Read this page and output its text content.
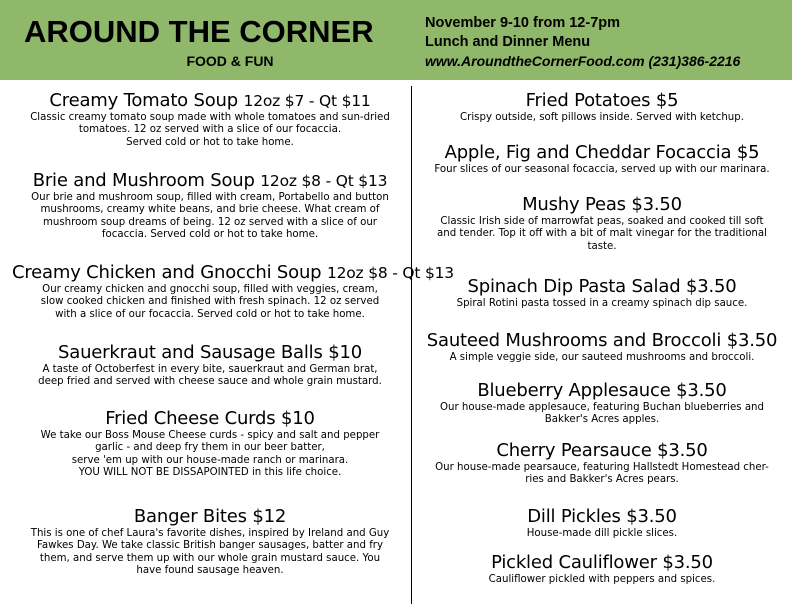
AROUND THE CORNER
FOOD & FUN
November 9-10 from 12-7pm
Lunch and Dinner Menu
www.AroundtheCornerFood.com (231)386-2216
Creamy Tomato Soup 12oz $7 - Qt $11
Classic creamy tomato soup made with whole tomatoes and sun-dried
tomatoes. 12 oz served with a slice of our focaccia.
Served cold or hot to take home.
Brie and Mushroom Soup 12oz $8 - Qt $13
Our brie and mushroom soup, filled with cream, Portabello and button
mushrooms, creamy white beans, and brie cheese. What cream of
mushroom soup dreams of being. 12 oz served with a slice of our
focaccia. Served cold or hot to take home.
Creamy Chicken and Gnocchi Soup 12oz $8 - Qt $13
Our creamy chicken and gnocchi soup, filled with veggies, cream,
slow cooked chicken and finished with fresh spinach. 12 oz served
with a slice of our focaccia. Served cold or hot to take home.
Sauerkraut and Sausage Balls $10
A taste of Octoberfest in every bite, sauerkraut and German brat,
deep fried and served with cheese sauce and whole grain mustard.
Fried Cheese Curds $10
We take our Boss Mouse Cheese curds - spicy and salt and pepper
garlic - and deep fry them in our beer batter,
serve 'em up with our house-made ranch or marinara.
YOU WILL NOT BE DISSAPOINTED in this life choice.
Banger Bites $12
This is one of chef Laura's favorite dishes, inspired by Ireland and Guy
Fawkes Day. We take classic British banger sausages, batter and fry
them, and serve them up with our whole grain mustard sauce. You
have found sausage heaven.
Fried Potatoes $5
Crispy outside, soft pillows inside. Served with ketchup.
Apple, Fig and Cheddar Focaccia $5
Four slices of our seasonal focaccia, served up with our marinara.
Mushy Peas $3.50
Classic Irish side of marrowfat peas, soaked and cooked till soft
and tender. Top it off with a bit of malt vinegar for the traditional
taste.
Spinach Dip Pasta Salad $3.50
Spiral Rotini pasta tossed in a creamy spinach dip sauce.
Sauteed Mushrooms and Broccoli $3.50
A simple veggie side, our sauteed mushrooms and broccoli.
Blueberry Applesauce $3.50
Our house-made applesauce, featuring Buchan blueberries and
Bakker's Acres apples.
Cherry Pearsauce $3.50
Our house-made pearsauce, featuring Hallstedt Homestead cher-
ries and Bakker's Acres pears.
Dill Pickles $3.50
House-made dill pickle slices.
Pickled Cauliflower $3.50
Cauliflower pickled with peppers and spices.
